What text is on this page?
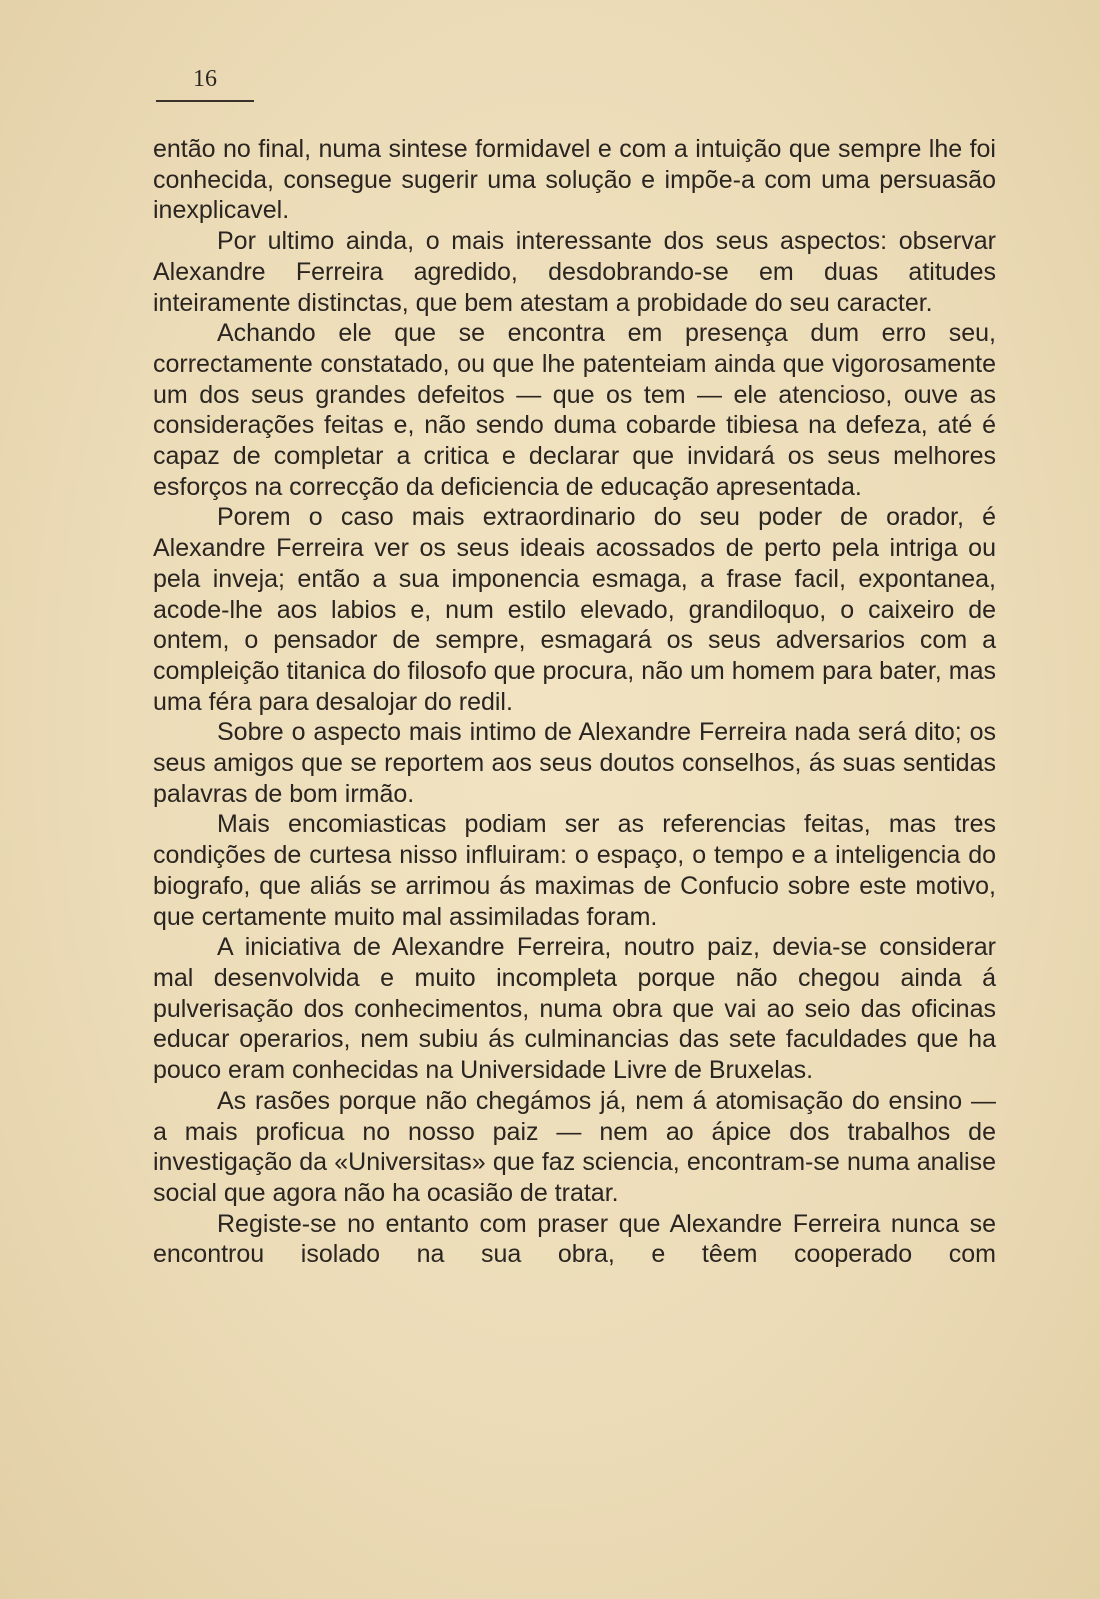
16

então no final, numa sintese formidavel e com a intuição que sempre lhe foi conhecida, consegue sugerir uma solução e impõe-a com uma persuasão inexplicavel.

Por ultimo ainda, o mais interessante dos seus aspectos: observar Alexandre Ferreira agredido, desdobrando-se em duas atitudes inteiramente distinctas, que bem atestam a probidade do seu caracter.

Achando ele que se encontra em presença dum erro seu, correctamente constatado, ou que lhe patenteiam ainda que vigorosamente um dos seus grandes defeitos — que os tem — ele atencioso, ouve as considerações feitas e, não sendo duma cobarde tibiesa na defeza, até é capaz de completar a critica e declarar que invidará os seus melhores esforços na correcção da deficiencia de educação apresentada.

Porem o caso mais extraordinario do seu poder de orador, é Alexandre Ferreira ver os seus ideais acossados de perto pela intriga ou pela inveja; então a sua imponencia esmaga, a frase facil, expontanea, acode-lhe aos labios e, num estilo elevado, grandiloquo, o caixeiro de ontem, o pensador de sempre, esmagará os seus adversarios com a compleição titanica do filosofo que procura, não um homem para bater, mas uma féra para desalojar do redil.

Sobre o aspecto mais intimo de Alexandre Ferreira nada será dito; os seus amigos que se reportem aos seus doutos conselhos, ás suas sentidas palavras de bom irmão.

Mais encomiasticas podiam ser as referencias feitas, mas tres condições de curtesa nisso influiram: o espaço, o tempo e a inteligencia do biografo, que aliás se arrimou ás maximas de Confucio sobre este motivo, que certamente muito mal assimiladas foram.

A iniciativa de Alexandre Ferreira, noutro paiz, devia-se considerar mal desenvolvida e muito incompleta porque não chegou ainda á pulverisação dos conhecimentos, numa obra que vai ao seio das oficinas educar operarios, nem subiu ás culminancias das sete faculdades que ha pouco eram conhecidas na Universidade Livre de Bruxelas.

As rasões porque não chegámos já, nem á atomisação do ensino — a mais proficua no nosso paiz — nem ao ápice dos trabalhos de investigação da «Universitas» que faz sciencia, encontram-se numa analise social que agora não ha ocasião de tratar.

Registe-se no entanto com praser que Alexandre Ferreira nunca se encontrou isolado na sua obra, e têem cooperado com
